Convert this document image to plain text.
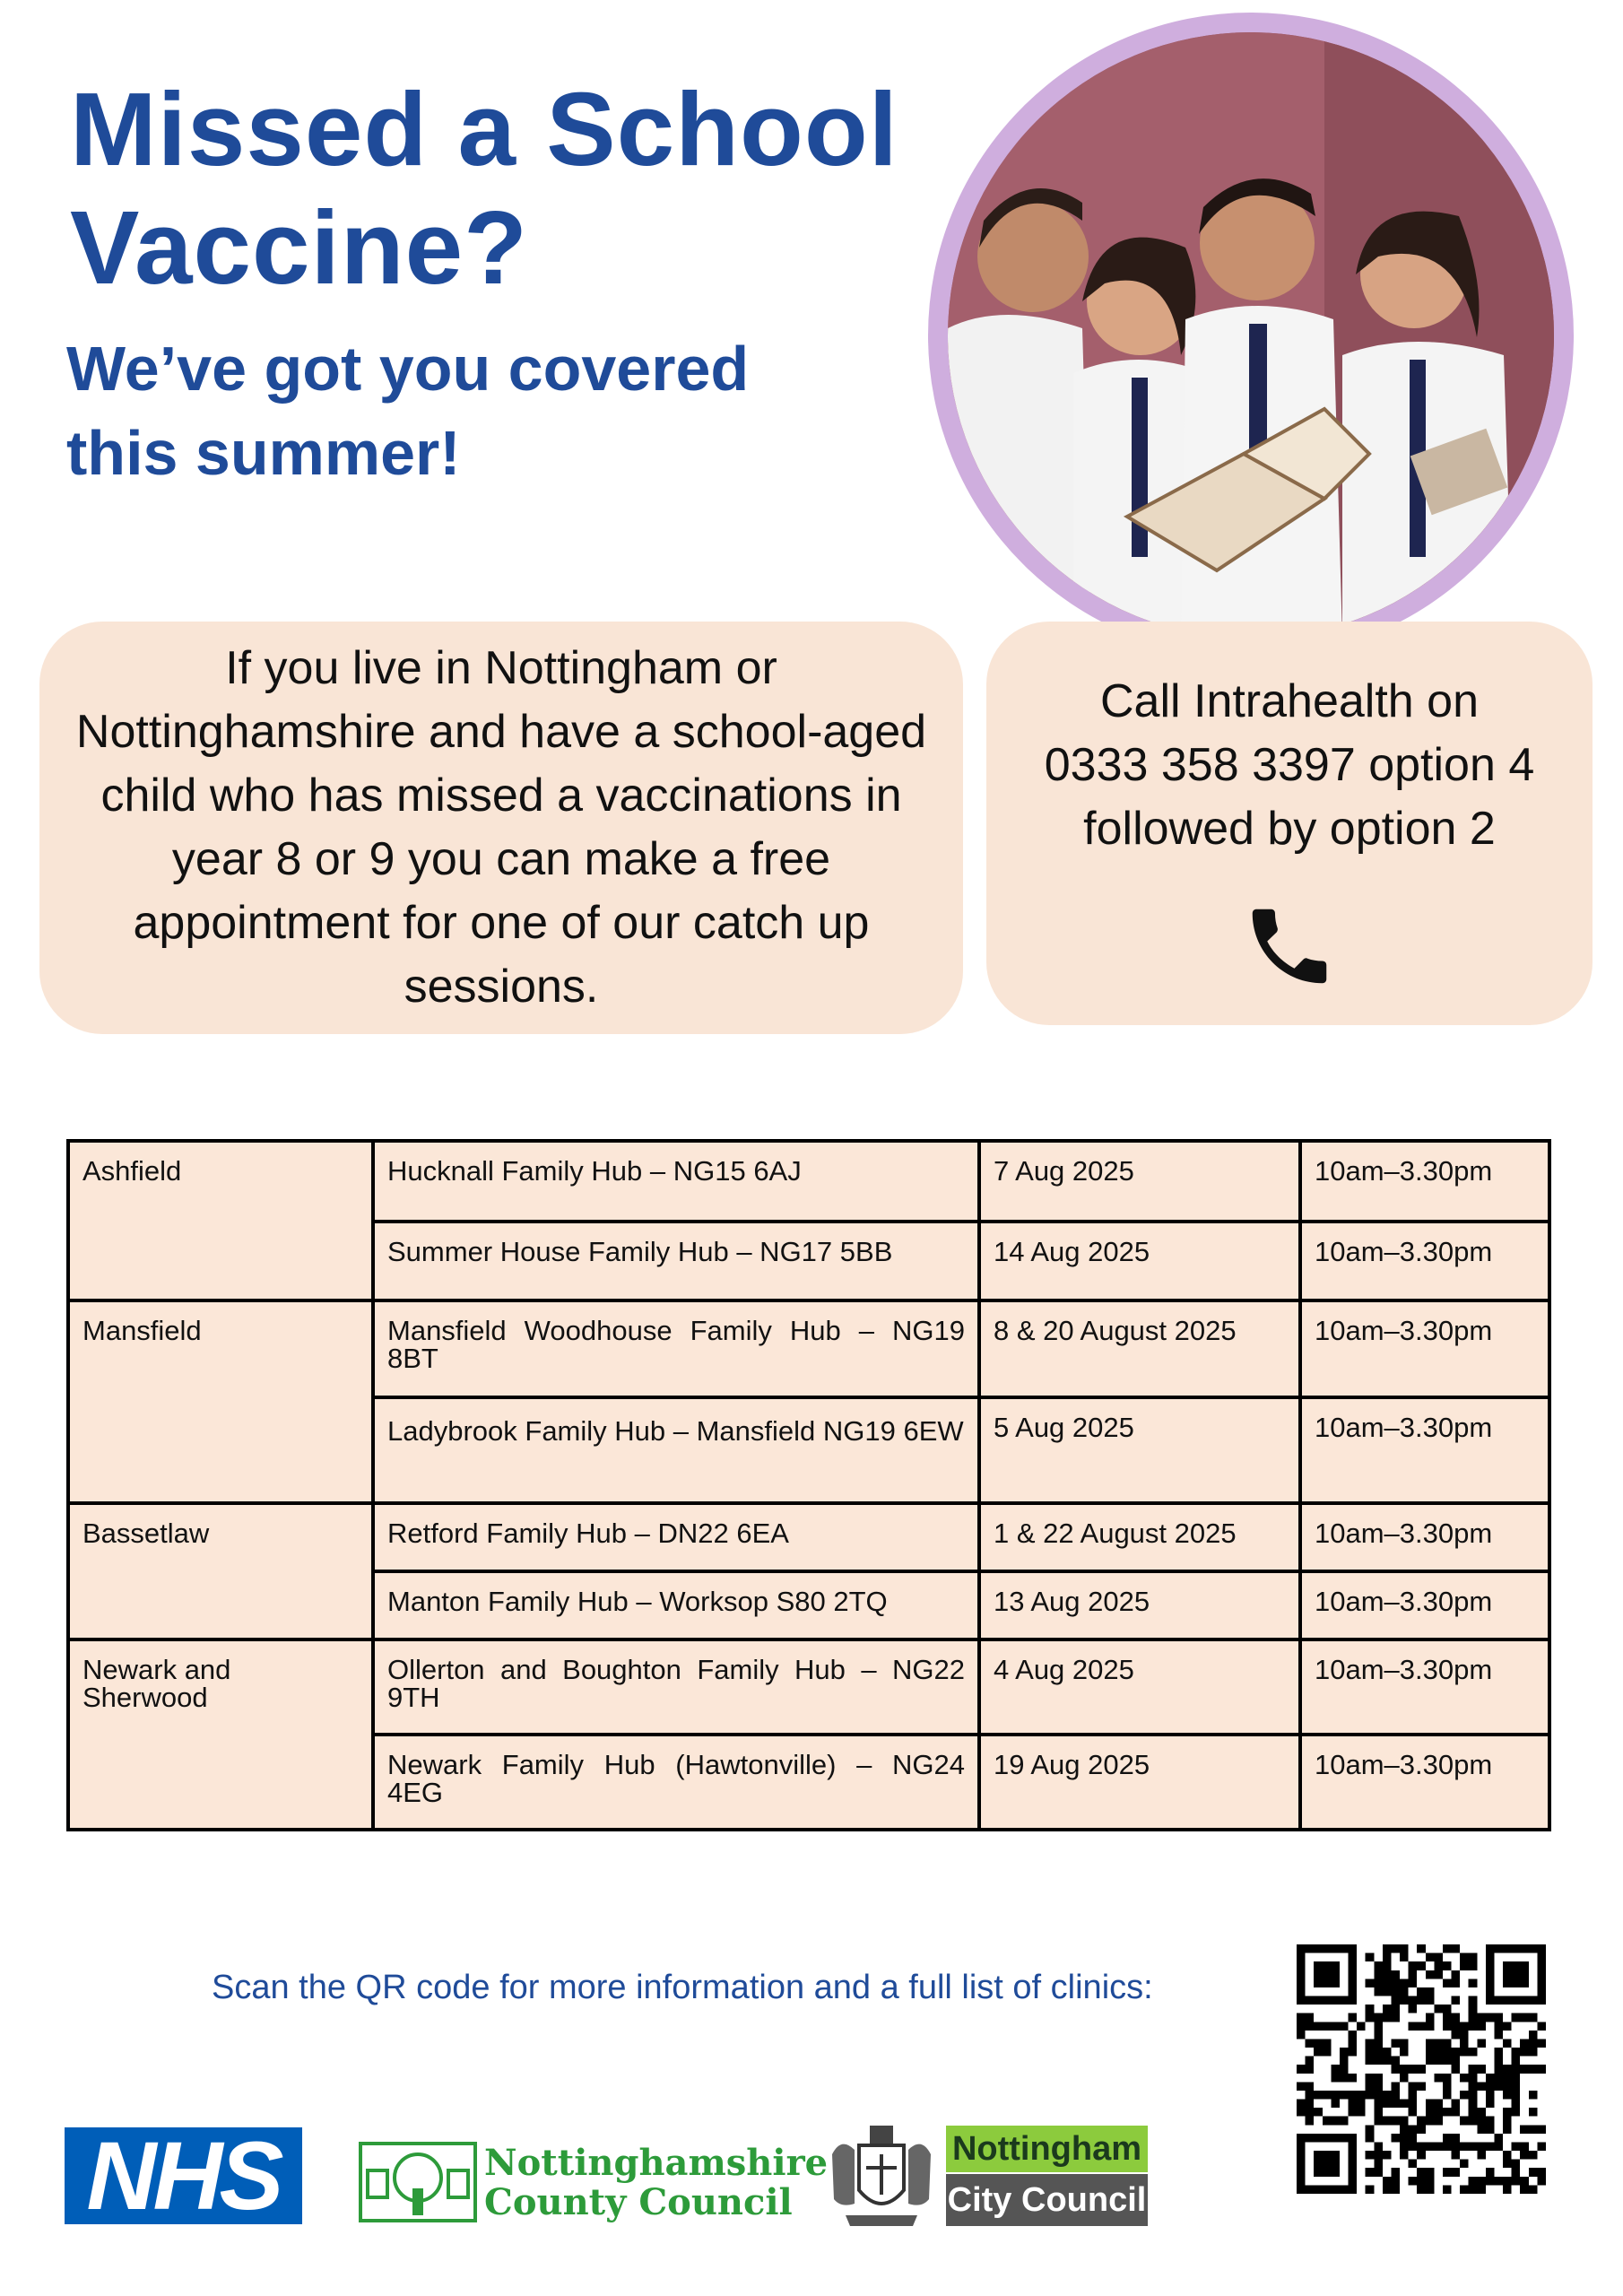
Missed a School
Vaccine?
We’ve got you covered
this summer!
If you live in Nottingham or Nottinghamshire and have a school-aged child who has missed a vaccinations in year 8 or 9 you can make a free appointment for one of our catch up sessions.

Call Intrahealth on

0333 358 3397 option 4

followed by option 2

Ashfield	Hucknall Family Hub – NG15 6AJ	7 Aug 2025	10am–3.30pm
	Summer House Family Hub – NG17 5BB	14 Aug 2025	10am–3.30pm
Mansfield	Mansfield Woodhouse Family Hub – NG19 8BT	8 & 20 August 2025	10am–3.30pm
	Ladybrook Family Hub – Mansfield NG19 6EW	5 Aug 2025	10am–3.30pm
Bassetlaw	Retford Family Hub – DN22 6EA	1 & 22 August 2025	10am–3.30pm
	Manton Family Hub – Worksop S80 2TQ	13 Aug 2025	10am–3.30pm
Newark and Sherwood	Ollerton and Boughton Family Hub – NG22 9TH	4 Aug 2025	10am–3.30pm
	Newark Family Hub (Hawtonville) – NG24 4EG	19 Aug 2025	10am–3.30pm

Scan the QR code for more information and a full list of clinics:

NHS	Nottinghamshire
County Council

Nottingham
City Council
